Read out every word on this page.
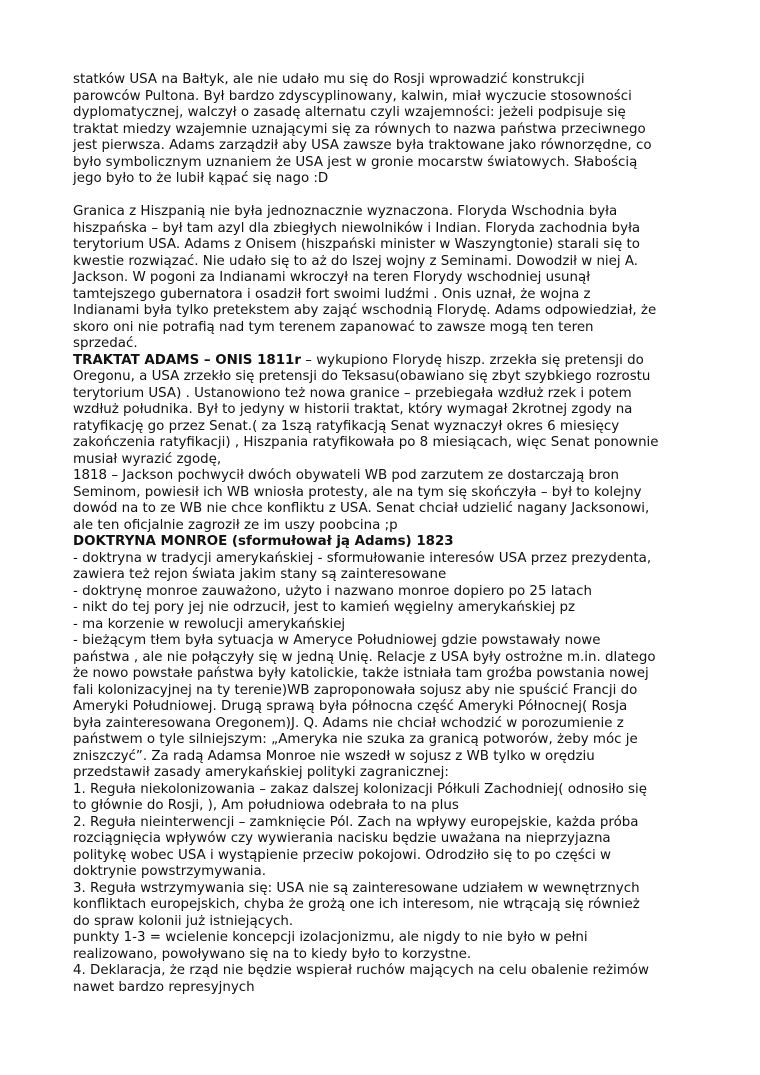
statków USA na Bałtyk, ale nie udało mu się do Rosji wprowadzić konstrukcji
parowców Pultona. Był bardzo zdyscyplinowany, kalwin, miał wyczucie stosowności
dyplomatycznej, walczył o zasadę alternatu czyli wzajemności: jeżeli podpisuje się
traktat miedzy wzajemnie uznającymi się za równych to nazwa państwa przeciwnego
jest pierwsza. Adams zarządził aby USA zawsze była traktowane jako równorzędne, co
było symbolicznym uznaniem że USA jest w gronie mocarstw światowych. Słabością
jego było to że lubił kąpać się nago :D

Granica z Hiszpanią nie była jednoznacznie wyznaczona. Floryda Wschodnia była
hiszpańska – był tam azyl dla zbiegłych niewolników i Indian. Floryda zachodnia była
terytorium USA. Adams z Onisem (hiszpański minister w Waszyngtonie) starali się to
kwestie rozwiązać. Nie udało się to aż do Iszej wojny z Seminami. Dowodził w niej A.
Jackson. W pogoni za Indianami wkroczył na teren Florydy wschodniej usunął
tamtejszego gubernatora i osadził fort swoimi ludźmi . Onis uznał, że wojna z
Indianami była tylko pretekstem aby zająć wschodnią Florydę. Adams odpowiedział, że
skoro oni nie potrafią nad tym terenem zapanować to zawsze mogą ten teren
sprzedać.

TRAKTAT ADAMS – ONIS 1811r – wykupiono Florydę hiszp. zrzekła się pretensji do

Oregonu, a USA zrzekło się pretensji do Teksasu(obawiano się zbyt szybkiego rozrostu
terytorium USA) . Ustanowiono też nowa granice – przebiegała wzdłuż rzek i potem
wzdłuż południka. Był to jedyny w historii traktat, który wymagał 2krotnej zgody na
ratyfikację go przez Senat.( za 1szą ratyfikacją Senat wyznaczył okres 6 miesięcy
zakończenia ratyfikacji) , Hiszpania ratyfikowała po 8 miesiącach, więc Senat ponownie
musiał wyrazić zgodę,

1818 – Jackson pochwycił dwóch obywateli WB pod zarzutem ze dostarczają bron
Seminom, powiesił ich WB wniosła protesty, ale na tym się skończyła – był to kolejny
dowód na to ze WB nie chce konfliktu z USA. Senat chciał udzielić nagany Jacksonowi,
ale ten oficjalnie zagroził ze im uszy poobcina ;p

DOKTRYNA MONROE (sformułował ją Adams) 1823

- doktryna w tradycji amerykańskiej - sformułowanie interesów USA przez prezydenta,
zawiera też rejon świata jakim stany są zainteresowane
- doktrynę monroe zauważono, użyto i nazwano monroe dopiero po 25 latach
- nikt do tej pory jej nie odrzucił, jest to kamień węgielny amerykańskiej pz
- ma korzenie w rewolucji amerykańskiej
- bieżącym tłem była sytuacja w Ameryce Południowej gdzie powstawały nowe
państwa , ale nie połączyły się w jedną Unię. Relacje z USA były ostrożne m.in. dlatego
że nowo powstałe państwa były katolickie, także istniała tam groźba powstania nowej
fali kolonizacyjnej na ty terenie)WB zaproponowała sojusz aby nie spuścić Francji do
Ameryki Południowej. Drugą sprawą była północna część Ameryki Północnej( Rosja
była zainteresowana Oregonem)J. Q. Adams nie chciał wchodzić w porozumienie z
państwem o tyle silniejszym: „Ameryka nie szuka za granicą potworów, żeby móc je
zniszczyć”. Za radą Adamsa Monroe nie wszedł w sojusz z WB tylko w orędziu
przedstawił zasady amerykańskiej polityki zagranicznej:
1. Reguła niekolonizowania – zakaz dalszej kolonizacji Półkuli Zachodniej( odnosiło się
to głównie do Rosji, ), Am południowa odebrała to na plus
2. Reguła nieinterwencji – zamknięcie Pól. Zach na wpływy europejskie, każda próba
rozciągnięcia wpływów czy wywierania nacisku będzie uważana na nieprzyjazna
politykę wobec USA i wystąpienie przeciw pokojowi. Odrodziło się to po części w
doktrynie powstrzymywania.
3. Reguła wstrzymywania się: USA nie są zainteresowane udziałem w wewnętrznych
konfliktach europejskich, chyba że grożą one ich interesom, nie wtrącają się również
do spraw kolonii już istniejących.
punkty 1-3 = wcielenie koncepcji izolacjonizmu, ale nigdy to nie było w pełni
realizowano, powoływano się na to kiedy było to korzystne.
4. Deklaracja, że rząd nie będzie wspierał ruchów mających na celu obalenie reżimów
nawet bardzo represyjnych
